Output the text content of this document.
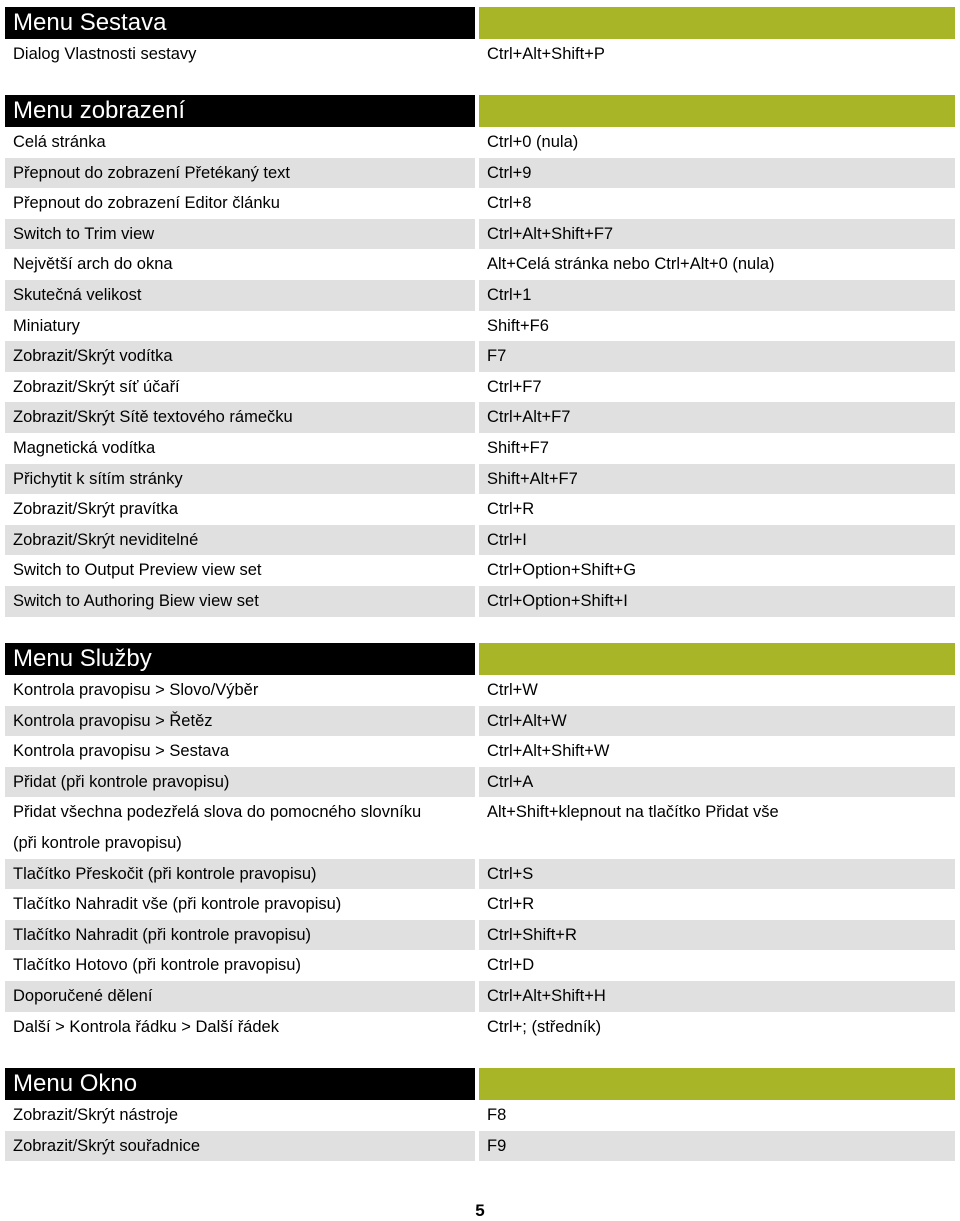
Menu Sestava
Dialog Vlastnosti sestavy	Ctrl+Alt+Shift+P
Menu zobrazení
Celá stránka	Ctrl+0 (nula)
Přepnout do zobrazení Přetékaný text	Ctrl+9
Přepnout do zobrazení Editor článku	Ctrl+8
Switch to Trim view	Ctrl+Alt+Shift+F7
Největší arch do okna	Alt+Celá stránka nebo Ctrl+Alt+0 (nula)
Skutečná velikost	Ctrl+1
Miniatury	Shift+F6
Zobrazit/Skrýt vodítka	F7
Zobrazit/Skrýt síť účaří	Ctrl+F7
Zobrazit/Skrýt Sítě textového rámečku	Ctrl+Alt+F7
Magnetická vodítka	Shift+F7
Přichytit k sítím stránky	Shift+Alt+F7
Zobrazit/Skrýt pravítka	Ctrl+R
Zobrazit/Skrýt neviditelné	Ctrl+I
Switch to Output Preview view set	Ctrl+Option+Shift+G
Switch to Authoring Biew view set	Ctrl+Option+Shift+I
Menu Služby
Kontrola pravopisu > Slovo/Výběr	Ctrl+W
Kontrola pravopisu > Řetěz	Ctrl+Alt+W
Kontrola pravopisu > Sestava	Ctrl+Alt+Shift+W
Přidat (při kontrole pravopisu)	Ctrl+A
Přidat všechna podezřelá slova do pomocného slovníku	Alt+Shift+klepnout na tlačítko Přidat vše
(při kontrole pravopisu)
Tlačítko Přeskočit (při kontrole pravopisu)	Ctrl+S
Tlačítko Nahradit vše (při kontrole pravopisu)	Ctrl+R
Tlačítko Nahradit (při kontrole pravopisu)	Ctrl+Shift+R
Tlačítko Hotovo (při kontrole pravopisu)	Ctrl+D
Doporučené dělení	Ctrl+Alt+Shift+H
Další > Kontrola řádku > Další řádek	Ctrl+; (středník)
Menu Okno
Zobrazit/Skrýt nástroje	F8
Zobrazit/Skrýt souřadnice	F9
5
